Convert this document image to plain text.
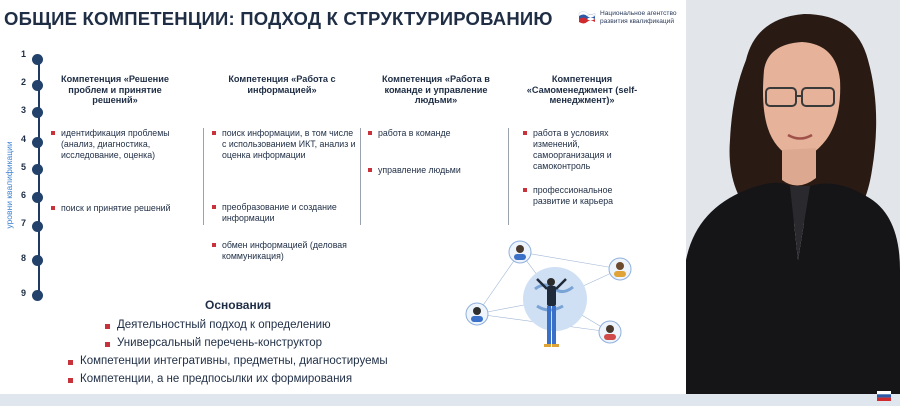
ОБЩИЕ КОМПЕТЕНЦИИ: ПОДХОД К СТРУКТУРИРОВАНИЮ	Национальное агентство развития квалификаций
уровни квалификации
1
2
3
4
5
6
7
8
9
Компетенция «Решение проблем и принятие решений»
Компетенция «Работа с информацией»
Компетенция «Работа в команде и управление людьми»
Компетенция «Самоменеджмент (self-менеджмент)»
идентификация проблемы (анализ, диагностика, исследование, оценка)
поиск и принятие решений
поиск информации, в том числе с использованием ИКТ, анализ и оценка информации
преобразование и создание информации
обмен информацией (деловая коммуникация)
работа в команде
управление людьми
работа в условиях изменений, самоорганизация и самоконтроль
профессиональное развитие и карьера
Основания
Деятельностный подход к определению
Универсальный перечень-конструктор
Компетенции интегративны, предметны, диагностируемы
Компетенции, а не предпосылки их формирования
